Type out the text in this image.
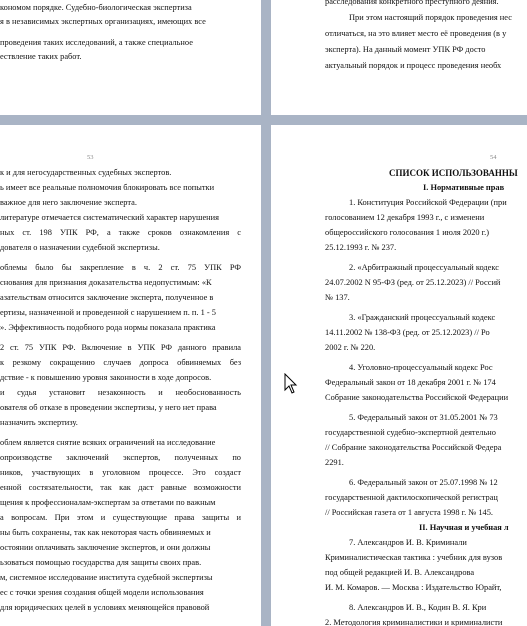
кономом порядке. Судебно-биологическая экспертиза
я в независимых экспертных организациях, имеющих все
проведения таких исследований, а также специальное
ествление таких работ.
расследования конкретного преступного деяния.
При этом настоящий порядок проведения нес
отличаться, на это влияет место её проведения (в у
эксперта). На данный момент УПК РФ досто
актуальный порядок и процесс проведения необх
53
к и для негосударственных судебных экспертов.
ь имеет все реальные полномочия блокировать все попытки
важное для него заключение эксперта.
литературе отмечается систематический характер нарушения
ных ст. 198 УПК РФ, а также сроков ознакомления с
дователя о назначении судебной экспертизы.
облемы было бы закрепление в ч. 2 ст. 75 УПК РФ
снования для признания доказательства недопустимым: «К
азательствам относится заключение эксперта, полученное в
ертизы, назначенной и проведенной с нарушением п. п. 1 - 5
». Эффективность подобного рода нормы показала практика
2 ст. 75 УПК РФ. Включение в УПК РФ данного правила
к резкому сокращению случаев допроса обвиняемых без
дствие - к повышению уровня законности в ходе допросов.
и судья установит незаконность и необоснованность
ователя об отказе в проведении экспертизы, у него нет права
назначить экспертизу.
облем является снятие всяких ограничений на исследование
опроизводстве заключений экспертов, полученных по
ников, участвующих в уголовном процессе. Это создаст
енной состязательности, так как даст равные возможности
щения к профессионалам-экспертам за ответами по важным
а вопросам. При этом и существующие права защиты и
ны быть сохранены, так как некоторая часть обвиняемых и
остоянии оплачивать заключение экспертов, и они должны
ьзоваться помощью государства для защиты своих прав.
м, системное исследование института судебной экспертизы
ес с точки зрения создания общей модели использования
для юридических целей в условиях меняющейся правовой
54
СПИСОК ИСПОЛЬЗОВАННЫ
I. Нормативные прав
1. Конституция Российской Федерации (при
голосованием 12 декабря 1993 г., с изменени
общероссийского голосования 1 июля 2020 г.)
25.12.1993 г. № 237.
2. «Арбитражный процессуальный кодекс
24.07.2002 N 95-ФЗ (ред. от 25.12.2023) // Россий
№ 137.
3. «Гражданский процессуальный кодекс
14.11.2002 № 138-ФЗ (ред. от 25.12.2023) // Ро
2002 г. № 220.
4. Уголовно-процессуальный кодекс Рос
Федеральный закон от 18 декабря 2001 г. № 174
Собрание законодательства Российской Федерации
5. Федеральный закон от 31.05.2001 № 73
государственной судебно-экспертной деятельно
// Собрание законодательства Российской Федера
2291.
6. Федеральный закон от 25.07.1998 № 12
государственной дактилоскопической регистрац
// Российская газета от 1 августа 1998 г. № 145.
II. Научная и учебная л
7. Александров И. В. Криминали
Криминалистическая тактика : учебник для вузов
под общей редакцией И. В. Александрова
И. М. Комаров. — Москва : Издательство Юрайт,
8. Александров И. В., Кодин В. Я. Кри
2. Методология криминалистики и криминалисти
